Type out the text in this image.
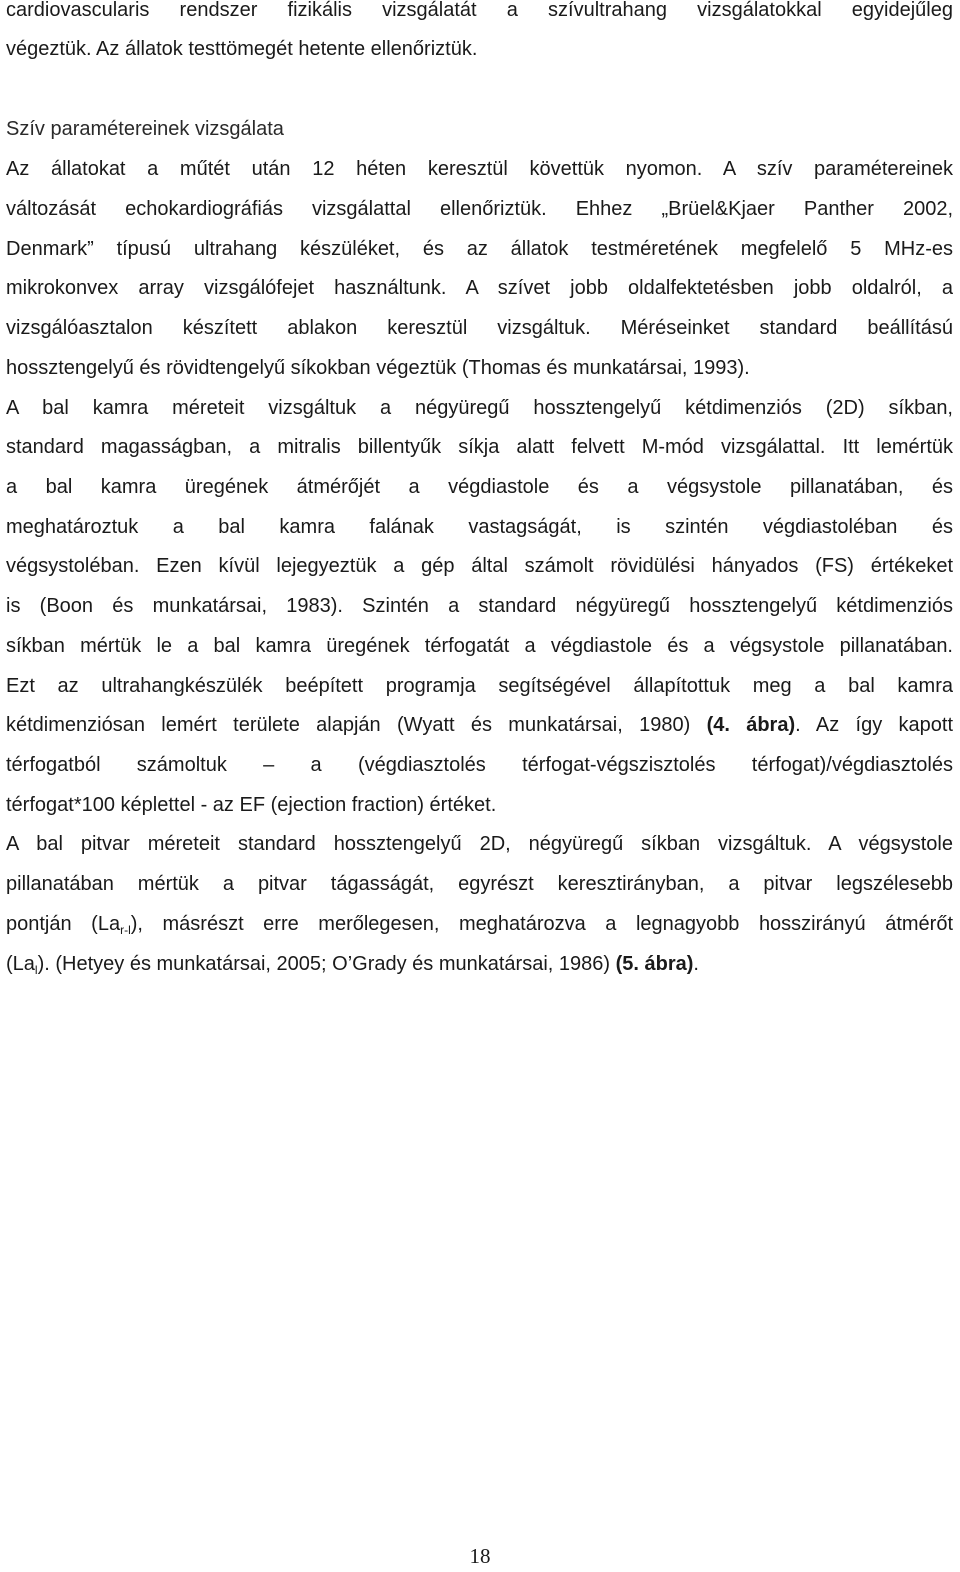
cardiovascularis rendszer fizikális vizsgálatát a szívultrahang vizsgálatokkal egyidejűleg
végeztük. Az állatok testtömegét hetente ellenőriztük.
Szív paramétereinek vizsgálata
Az állatokat a műtét után 12 héten keresztül követtük nyomon. A szív paramétereinek
változását echokardiográfiás vizsgálattal ellenőriztük. Ehhez „Brüel&Kjaer Panther 2002,
Denmark” típusú ultrahang készüléket, és az állatok testméretének megfelelő 5 MHz-es
mikrokonvex array vizsgálófejet használtunk. A szívet jobb oldalfektetésben jobb oldalról, a
vizsgálóasztalon készített ablakon keresztül vizsgáltuk. Méréseinket standard beállítású
hossztengelyű és rövidtengelyű síkokban végeztük (Thomas és munkatársai, 1993).
A bal kamra méreteit vizsgáltuk a négyüregű hossztengelyű kétdimenziós (2D) síkban,
standard magasságban, a mitralis billentyűk síkja alatt felvett M-mód vizsgálattal. Itt lemértük
a bal kamra üregének átmérőjét a végdiastole és a végsystole pillanatában, és
meghatároztuk a bal kamra falának vastagságát, is szintén végdiastoléban és
végsystoléban. Ezen kívül lejegyeztük a gép által számolt rövidülési hányados (FS) értékeket
is (Boon és munkatársai, 1983). Szintén a standard négyüregű hossztengelyű kétdimenziós
síkban mértük le a bal kamra üregének térfogatát a végdiastole és a végsystole pillanatában.
Ezt az ultrahangkészülék beépített programja segítségével állapítottuk meg a bal kamra
kétdimenziósan lemért területe alapján (Wyatt és munkatársai, 1980) (4. ábra). Az így kapott
térfogatból számoltuk – a (végdiasztolés térfogat-végszisztolés térfogat)/végdiasztolés
térfogat*100 képlettel - az EF (ejection fraction) értéket.
A bal pitvar méreteit standard hossztengelyű 2D, négyüregű síkban vizsgáltuk. A végsystole
pillanatában mértük a pitvar tágasságát, egyrészt keresztirányban, a pitvar legszélesebb
pontján $(La_{r-l})$, másrészt erre merőlegesen, meghatározva a legnagyobb hosszirányú átmérőt
$(La_l)$. (Hetyey és munkatársai, 2005; O’Grady és munkatársai, 1986) (5. ábra).
18
